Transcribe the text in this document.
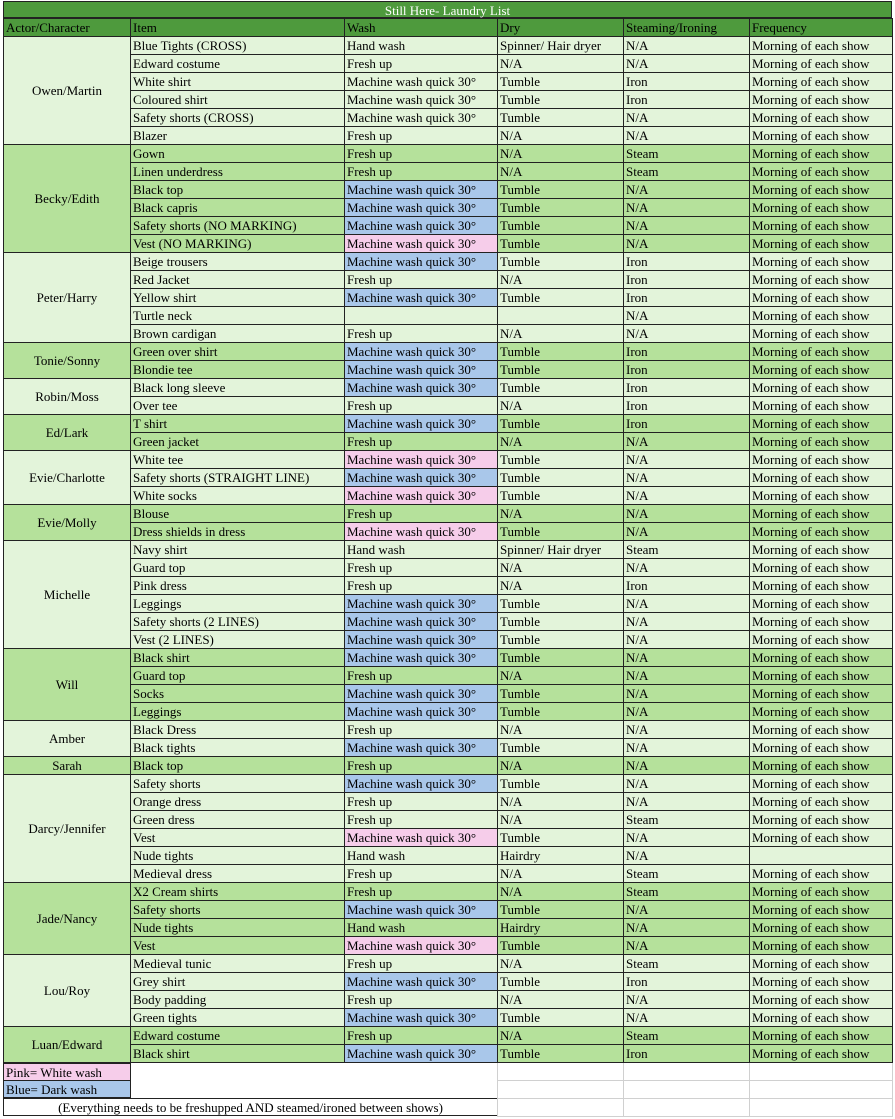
Still Here- Laundry List
Actor/Character	Item	Wash	Dry	Steaming/Ironing	Frequency
Owen/Martin	Blue Tights (CROSS)	Hand wash	Spinner/ Hair dryer	N/A	Morning of each show
	Edward costume	Fresh up	N/A	N/A	Morning of each show
	White shirt	Machine wash quick 30°	Tumble	Iron	Morning of each show
	Coloured shirt	Machine wash quick 30°	Tumble	Iron	Morning of each show
	Safety shorts (CROSS)	Machine wash quick 30°	Tumble	N/A	Morning of each show
	Blazer	Fresh up	N/A	N/A	Morning of each show
Becky/Edith	Gown	Fresh up	N/A	Steam	Morning of each show
	Linen underdress	Fresh up	N/A	Steam	Morning of each show
	Black top	Machine wash quick 30°	Tumble	N/A	Morning of each show
	Black capris	Machine wash quick 30°	Tumble	N/A	Morning of each show
	Safety shorts (NO MARKING)	Machine wash quick 30°	Tumble	N/A	Morning of each show
	Vest (NO MARKING)	Machine wash quick 30°	Tumble	N/A	Morning of each show
Peter/Harry	Beige trousers	Machine wash quick 30°	Tumble	Iron	Morning of each show
	Red Jacket	Fresh up	N/A	Iron	Morning of each show
	Yellow shirt	Machine wash quick 30°	Tumble	Iron	Morning of each show
	Turtle neck			N/A	Morning of each show
	Brown cardigan	Fresh up	N/A	N/A	Morning of each show
Tonie/Sonny	Green over shirt	Machine wash quick 30°	Tumble	Iron	Morning of each show
	Blondie tee	Machine wash quick 30°	Tumble	Iron	Morning of each show
Robin/Moss	Black long sleeve	Machine wash quick 30°	Tumble	Iron	Morning of each show
	Over tee	Fresh up	N/A	Iron	Morning of each show
Ed/Lark	T shirt	Machine wash quick 30°	Tumble	Iron	Morning of each show
	Green jacket	Fresh up	N/A	N/A	Morning of each show
Evie/Charlotte	White tee	Machine wash quick 30°	Tumble	N/A	Morning of each show
	Safety shorts (STRAIGHT LINE)	Machine wash quick 30°	Tumble	N/A	Morning of each show
	White socks	Machine wash quick 30°	Tumble	N/A	Morning of each show
Evie/Molly	Blouse	Fresh up	N/A	N/A	Morning of each show
	Dress shields in dress	Machine wash quick 30°	Tumble	N/A	Morning of each show
Michelle	Navy shirt	Hand wash	Spinner/ Hair dryer	Steam	Morning of each show
	Guard top	Fresh up	N/A	N/A	Morning of each show
	Pink dress	Fresh up	N/A	Iron	Morning of each show
	Leggings	Machine wash quick 30°	Tumble	N/A	Morning of each show
	Safety shorts (2 LINES)	Machine wash quick 30°	Tumble	N/A	Morning of each show
	Vest (2 LINES)	Machine wash quick 30°	Tumble	N/A	Morning of each show
Will	Black shirt	Machine wash quick 30°	Tumble	N/A	Morning of each show
	Guard top	Fresh up	N/A	N/A	Morning of each show
	Socks	Machine wash quick 30°	Tumble	N/A	Morning of each show
	Leggings	Machine wash quick 30°	Tumble	N/A	Morning of each show
Amber	Black Dress	Fresh up	N/A	N/A	Morning of each show
	Black tights	Machine wash quick 30°	Tumble	N/A	Morning of each show
Sarah	Black top	Fresh up	N/A	N/A	Morning of each show
Darcy/Jennifer	Safety shorts	Machine wash quick 30°	Tumble	N/A	Morning of each show
	Orange dress	Fresh up	N/A	N/A	Morning of each show
	Green dress	Fresh up	N/A	Steam	Morning of each show
	Vest	Machine wash quick 30°	Tumble	N/A	Morning of each show
	Nude tights	Hand wash	Hairdry	N/A	
	Medieval dress	Fresh up	N/A	Steam	Morning of each show
Jade/Nancy	X2 Cream shirts	Fresh up	N/A	Steam	Morning of each show
	Safety shorts	Machine wash quick 30°	Tumble	N/A	Morning of each show
	Nude tights	Hand wash	Hairdry	N/A	Morning of each show
	Vest	Machine wash quick 30°	Tumble	N/A	Morning of each show
Lou/Roy	Medieval tunic	Fresh up	N/A	Steam	Morning of each show
	Grey shirt	Machine wash quick 30°	Tumble	Iron	Morning of each show
	Body padding	Fresh up	N/A	N/A	Morning of each show
	Green tights	Machine wash quick 30°	Tumble	N/A	Morning of each show
Luan/Edward	Edward costume	Fresh up	N/A	Steam	Morning of each show
	Black shirt	Machine wash quick 30°	Tumble	Iron	Morning of each show
Pink= White wash
Blue= Dark wash
(Everything needs to be freshupped AND steamed/ironed between shows)
